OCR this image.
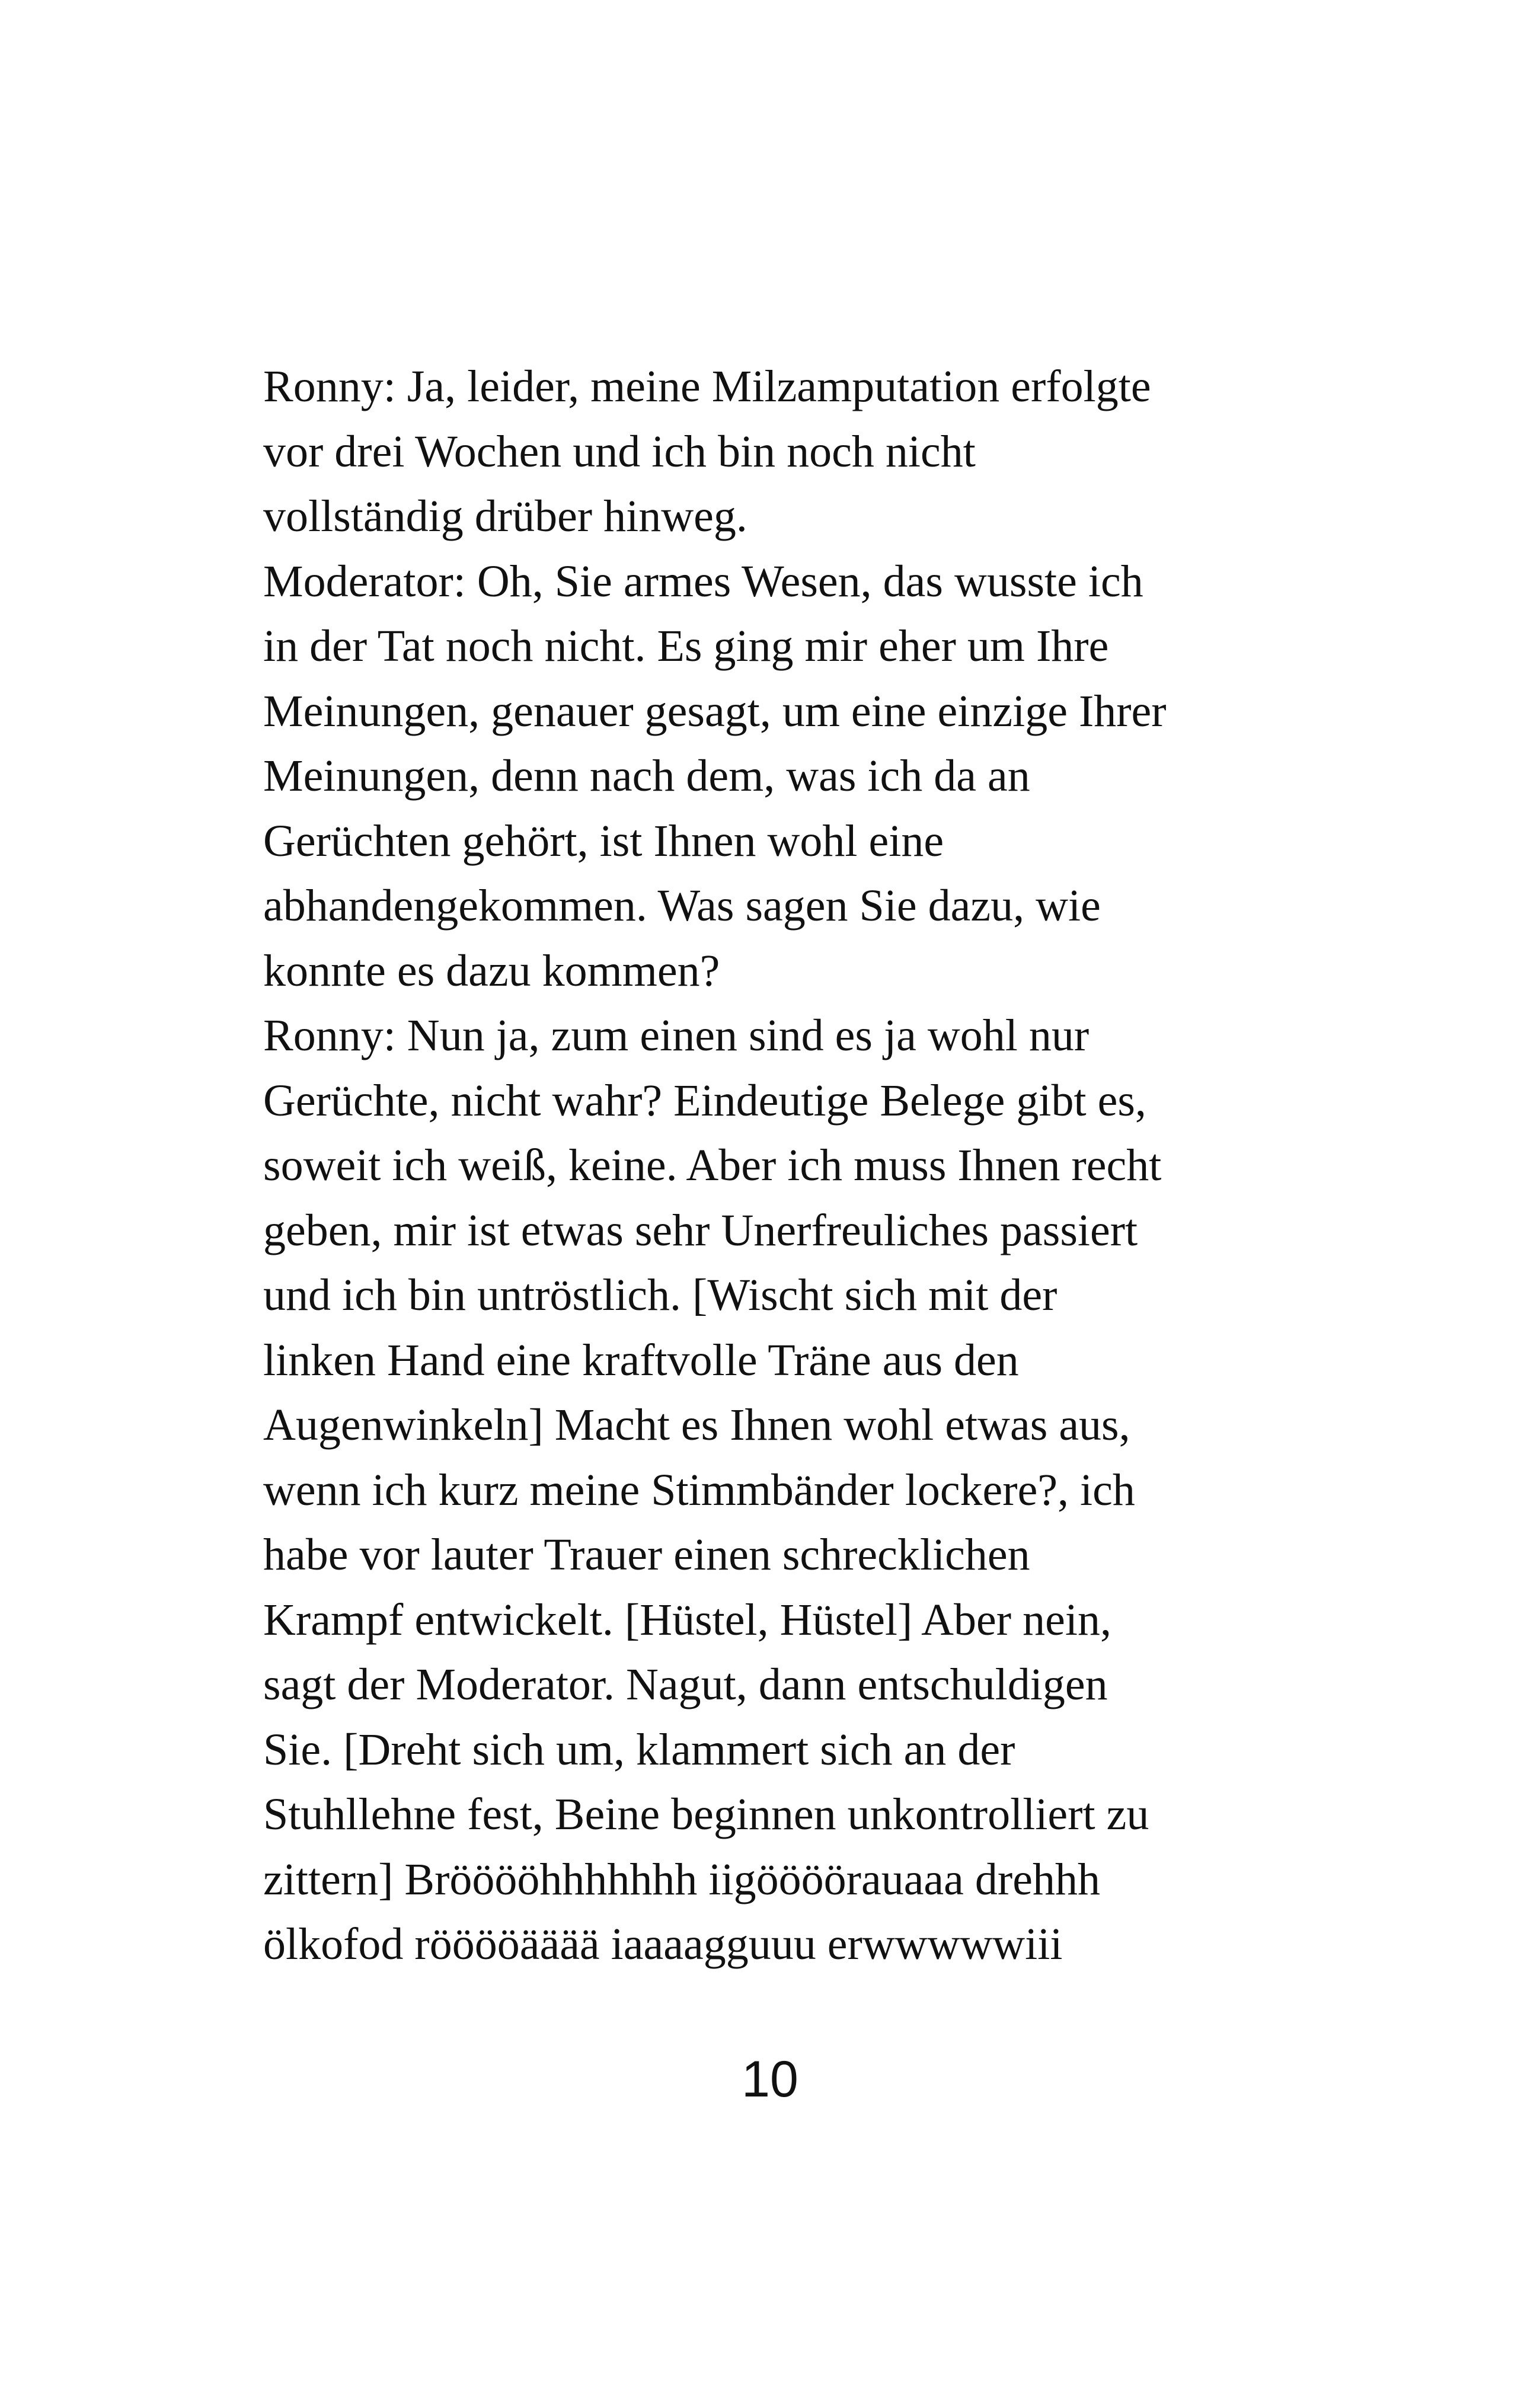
Ronny: Ja, leider, meine Milzamputation erfolgte
vor drei Wochen und ich bin noch nicht
vollständig drüber hinweg.
Moderator: Oh, Sie armes Wesen, das wusste ich
in der Tat noch nicht. Es ging mir eher um Ihre
Meinungen, genauer gesagt, um eine einzige Ihrer
Meinungen, denn nach dem, was ich da an
Gerüchten gehört, ist Ihnen wohl eine
abhandengekommen. Was sagen Sie dazu, wie
konnte es dazu kommen?
Ronny: Nun ja, zum einen sind es ja wohl nur
Gerüchte, nicht wahr? Eindeutige Belege gibt es,
soweit ich weiß, keine. Aber ich muss Ihnen recht
geben, mir ist etwas sehr Unerfreuliches passiert
und ich bin untröstlich. [Wischt sich mit der
linken Hand eine kraftvolle Träne aus den
Augenwinkeln] Macht es Ihnen wohl etwas aus,
wenn ich kurz meine Stimmbänder lockere?, ich
habe vor lauter Trauer einen schrecklichen
Krampf entwickelt. [Hüstel, Hüstel] Aber nein,
sagt der Moderator. Nagut, dann entschuldigen
Sie. [Dreht sich um, klammert sich an der
Stuhllehne fest, Beine beginnen unkontrolliert zu
zittern] Brööööhhhhhhh iigöööörauaaa drehhh
ölkofod rööööääää iaaaagguuu erwwwwwiii
10
